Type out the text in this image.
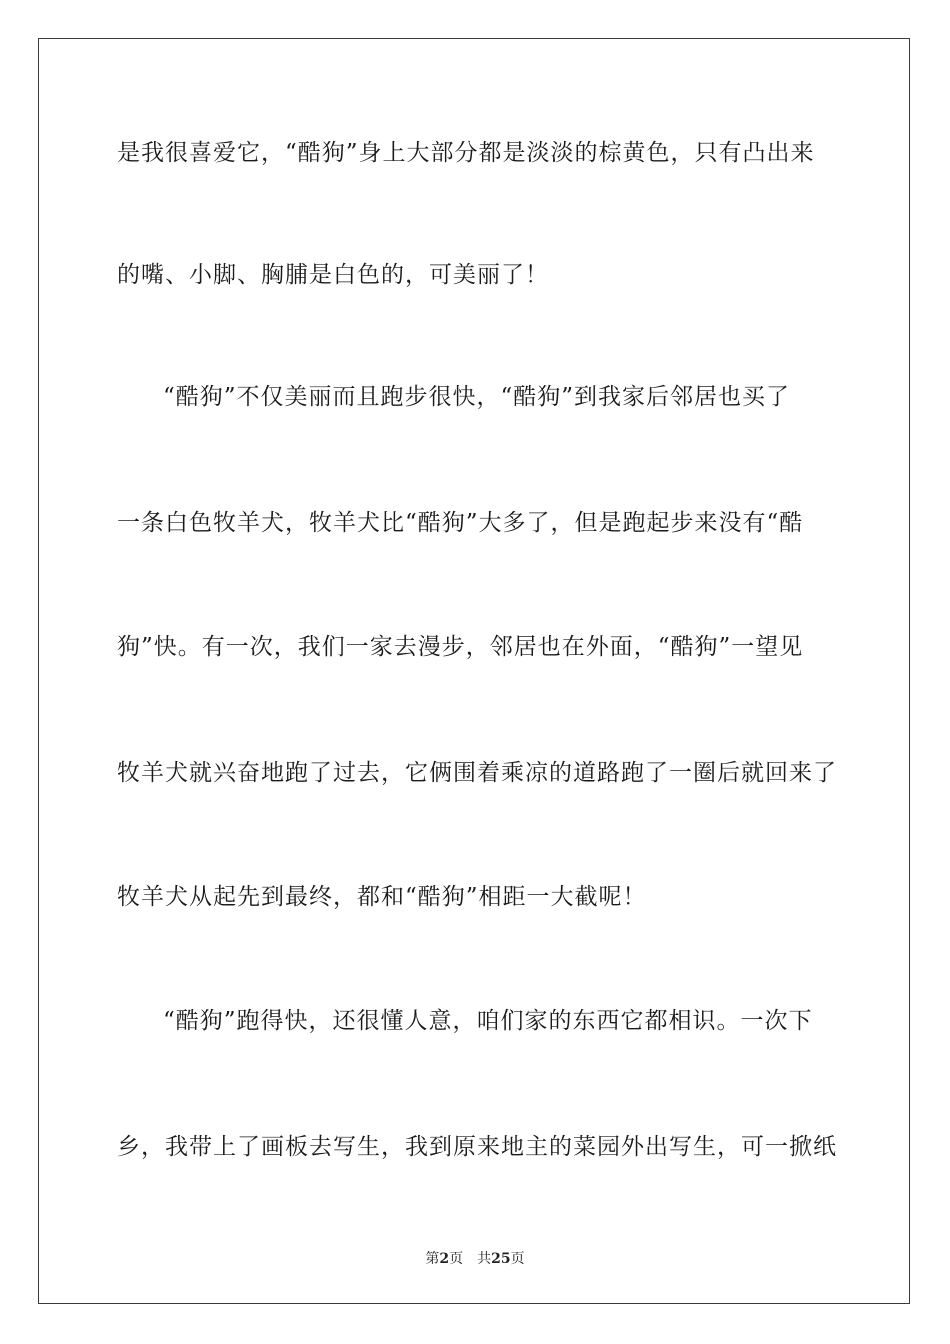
是我很喜爱它，“酷狗”身上大部分都是淡淡的棕黄色，只有凸出来
的嘴、小脚、胸脯是白色的，可美丽了！
“酷狗”不仅美丽而且跑步很快，“酷狗”到我家后邻居也买了
一条白色牧羊犬，牧羊犬比“酷狗”大多了，但是跑起步来没有“酷
狗”快。有一次，我们一家去漫步，邻居也在外面，“酷狗”一望见
牧羊犬就兴奋地跑了过去，它俩围着乘凉的道路跑了一圈后就回来了
牧羊犬从起先到最终，都和“酷狗”相距一大截呢！
“酷狗”跑得快，还很懂人意，咱们家的东西它都相识。一次下
乡，我带上了画板去写生，我到原来地主的菜园外出写生，可一掀纸
第2页 共25页
